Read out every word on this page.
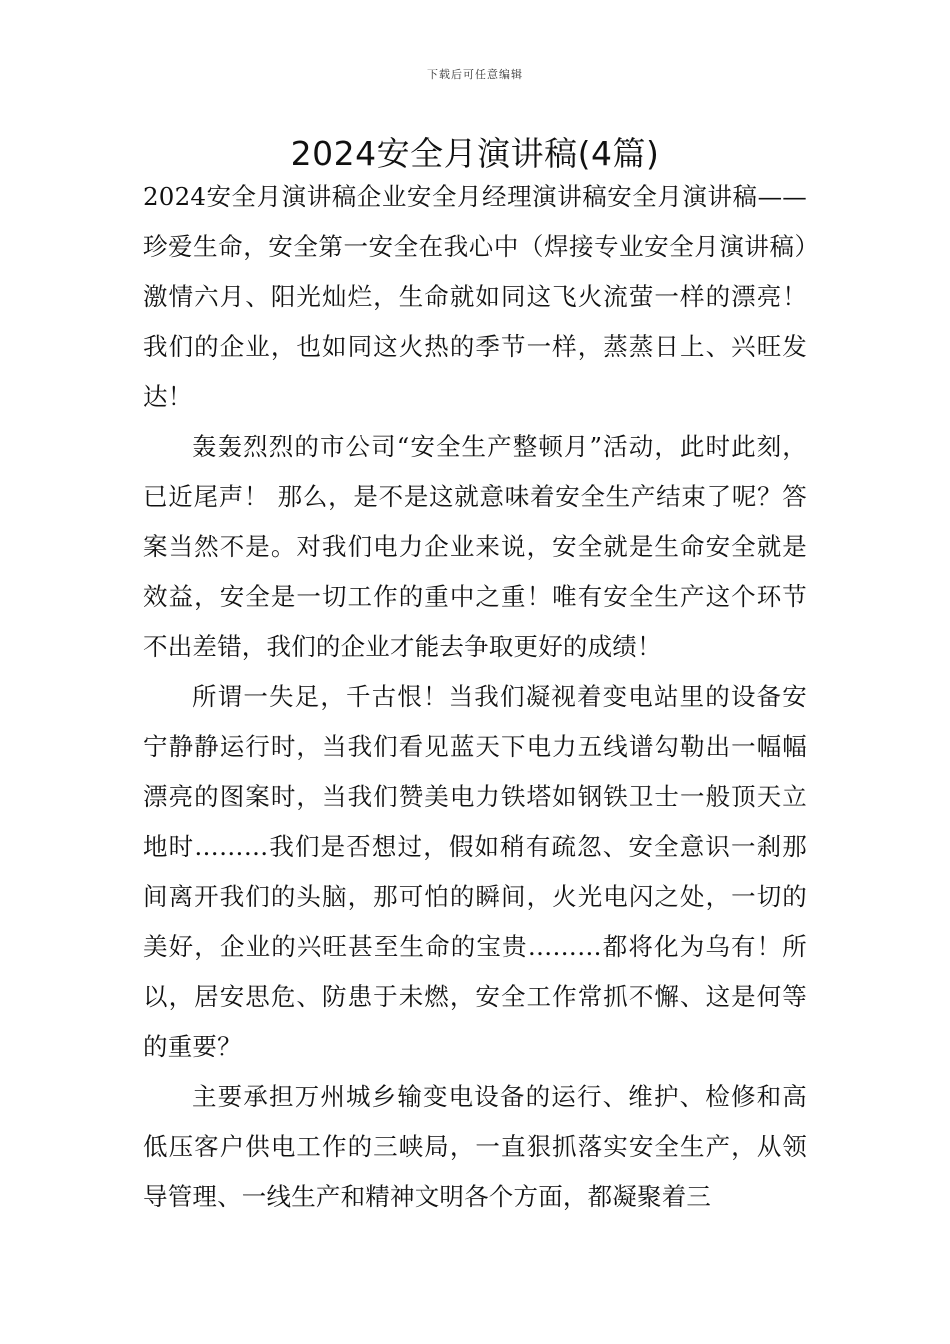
下载后可任意编辑
2024安全月演讲稿(4篇)

2024安全月演讲稿企业安全月经理演讲稿安全月演讲稿——珍爱生命，安全第一安全在我心中（焊接专业安全月演讲稿）　　激情六月、阳光灿烂，生命就如同这飞火流萤一样的漂亮！我们的企业，也如同这火热的季节一样，蒸蒸日上、兴旺发达！

轰轰烈烈的市公司“安全生产整顿月”活动，此时此刻，已近尾声！ 那么，是不是这就意味着安全生产结束了呢？答案当然不是。对我们电力企业来说，安全就是生命安全就是效益，安全是一切工作的重中之重！唯有安全生产这个环节不出差错，我们的企业才能去争取更好的成绩！

所谓一失足，千古恨！当我们凝视着变电站里的设备安宁静静运行时，当我们看见蓝天下电力五线谱勾勒出一幅幅漂亮的图案时，当我们赞美电力铁塔如钢铁卫士一般顶天立地时………我们是否想过，假如稍有疏忽、安全意识一刹那间离开我们的头脑，那可怕的瞬间，火光电闪之处，一切的美好，企业的兴旺甚至生命的宝贵………都将化为乌有！所以，居安思危、防患于未燃，安全工作常抓不懈、这是何等的重要？

主要承担万州城乡输变电设备的运行、维护、检修和高低压客户供电工作的三峡局，一直狠抓落实安全生产，从领导管理、一线生产和精神文明各个方面，都凝聚着三
